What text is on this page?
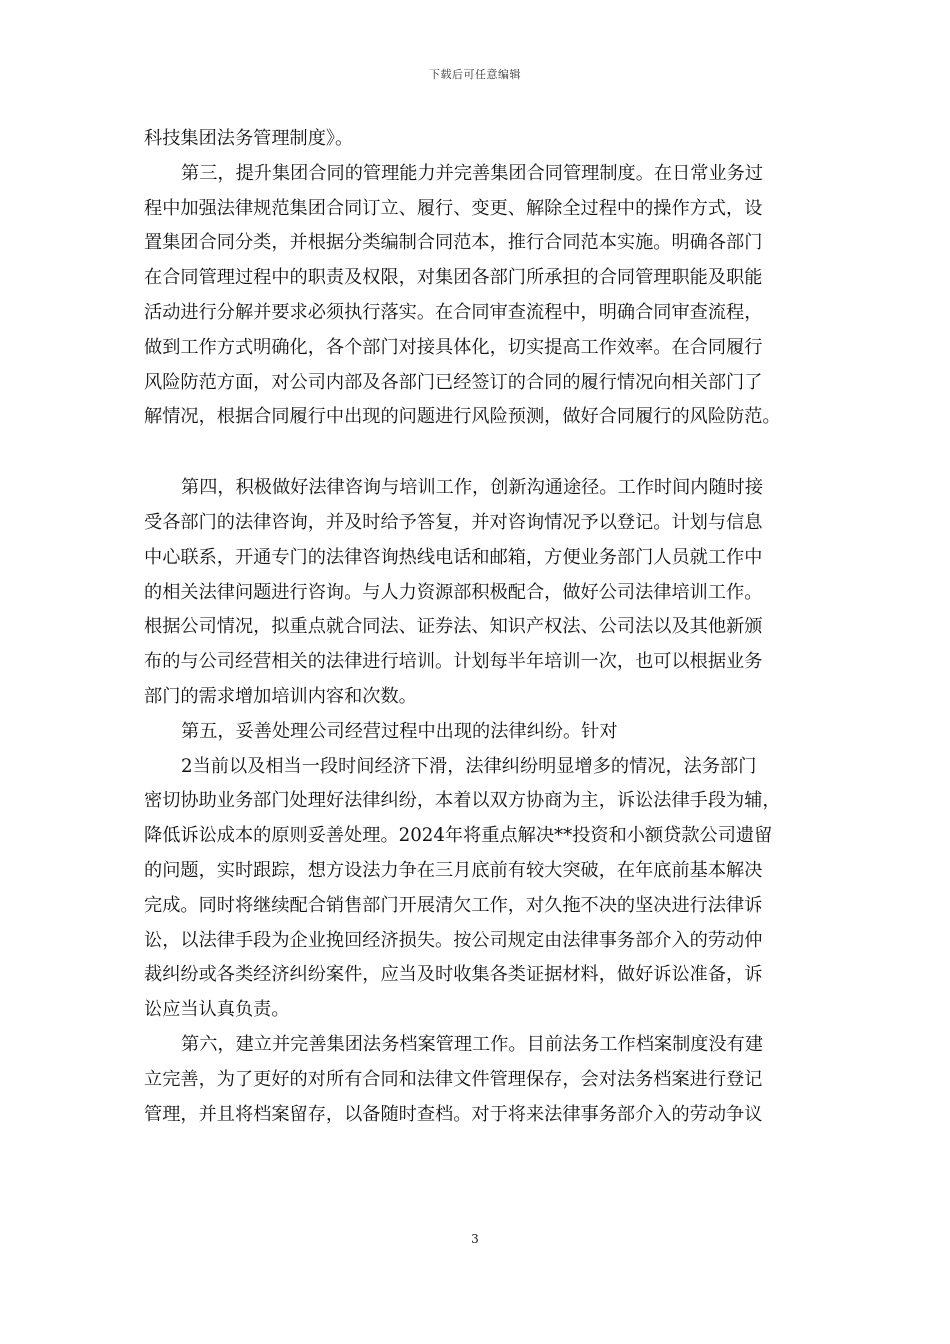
下载后可任意编辑
科技集团法务管理制度》。
第三，提升集团合同的管理能力并完善集团合同管理制度。在日常业务过
程中加强法律规范集团合同订立、履行、变更、解除全过程中的操作方式，设
置集团合同分类，并根据分类编制合同范本，推行合同范本实施。明确各部门
在合同管理过程中的职责及权限，对集团各部门所承担的合同管理职能及职能
活动进行分解并要求必须执行落实。在合同审查流程中，明确合同审查流程，
做到工作方式明确化，各个部门对接具体化，切实提高工作效率。在合同履行
风险防范方面，对公司内部及各部门已经签订的合同的履行情况向相关部门了
解情况，根据合同履行中出现的问题进行风险预测，做好合同履行的风险防范。
第四，积极做好法律咨询与培训工作，创新沟通途径。工作时间内随时接
受各部门的法律咨询，并及时给予答复，并对咨询情况予以登记。计划与信息
中心联系，开通专门的法律咨询热线电话和邮箱，方便业务部门人员就工作中
的相关法律问题进行咨询。与人力资源部积极配合，做好公司法律培训工作。
根据公司情况，拟重点就合同法、证券法、知识产权法、公司法以及其他新颁
布的与公司经营相关的法律进行培训。计划每半年培训一次，也可以根据业务
部门的需求增加培训内容和次数。
第五，妥善处理公司经营过程中出现的法律纠纷。针对
2当前以及相当一段时间经济下滑，法律纠纷明显增多的情况，法务部门
密切协助业务部门处理好法律纠纷，本着以双方协商为主，诉讼法律手段为辅，
降低诉讼成本的原则妥善处理。2024年将重点解决**投资和小额贷款公司遗留
的问题，实时跟踪，想方设法力争在三月底前有较大突破，在年底前基本解决
完成。同时将继续配合销售部门开展清欠工作，对久拖不决的坚决进行法律诉
讼，以法律手段为企业挽回经济损失。按公司规定由法律事务部介入的劳动仲
裁纠纷或各类经济纠纷案件，应当及时收集各类证据材料，做好诉讼准备，诉
讼应当认真负责。
第六，建立并完善集团法务档案管理工作。目前法务工作档案制度没有建
立完善，为了更好的对所有合同和法律文件管理保存，会对法务档案进行登记
管理，并且将档案留存，以备随时查档。对于将来法律事务部介入的劳动争议
3
